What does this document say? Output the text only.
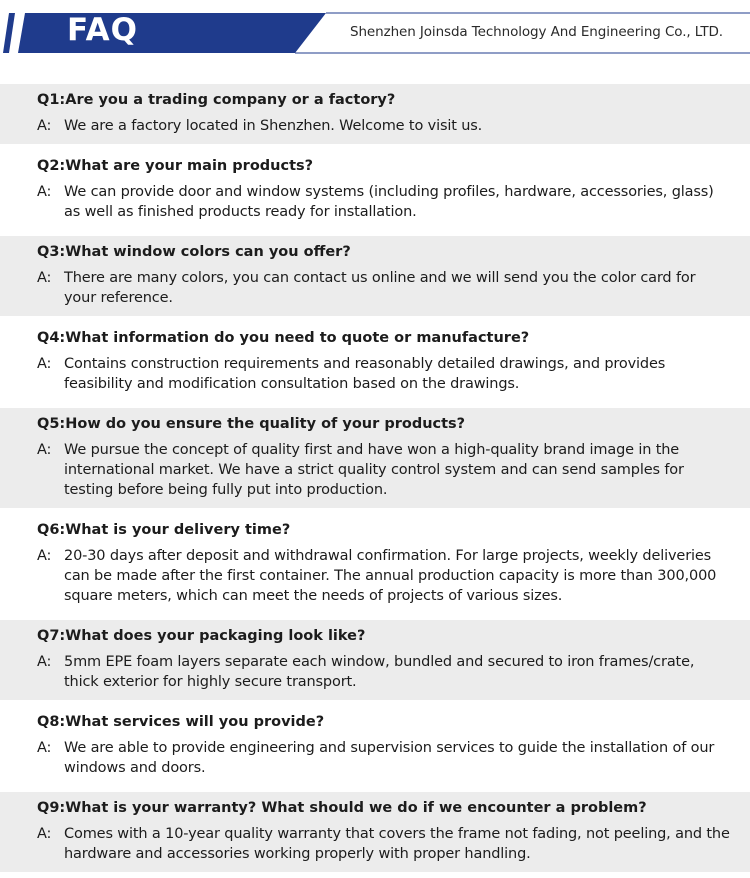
FAQ	Shenzhen Joinsda Technology And Engineering Co., LTD.
Q1:Are you a trading company or a factory?
A: We are a factory located in Shenzhen. Welcome to visit us.
Q2:What are your main products?
A: We can provide door and window systems (including profiles, hardware, accessories, glass) as well as finished products ready for installation.
Q3:What window colors can you offer?
A: There are many colors, you can contact us online and we will send you the color card for your reference.
Q4:What information do you need to quote or manufacture?
A: Contains construction requirements and reasonably detailed drawings, and provides feasibility and modification consultation based on the drawings.
Q5:How do you ensure the quality of your products?
A: We pursue the concept of quality first and have won a high-quality brand image in the international market. We have a strict quality control system and can send samples for testing before being fully put into production.
Q6:What is your delivery time?
A: 20-30 days after deposit and withdrawal confirmation. For large projects, weekly deliveries can be made after the first container. The annual production capacity is more than 300,000 square meters, which can meet the needs of projects of various sizes.
Q7:What does your packaging look like?
A: 5mm EPE foam layers separate each window, bundled and secured to iron frames/crate, thick exterior for highly secure transport.
Q8:What services will you provide?
A: We are able to provide engineering and supervision services to guide the installation of our windows and doors.
Q9:What is your warranty? What should we do if we encounter a problem?
A: Comes with a 10-year quality warranty that covers the frame not fading, not peeling, and the hardware and accessories working properly with proper handling.
